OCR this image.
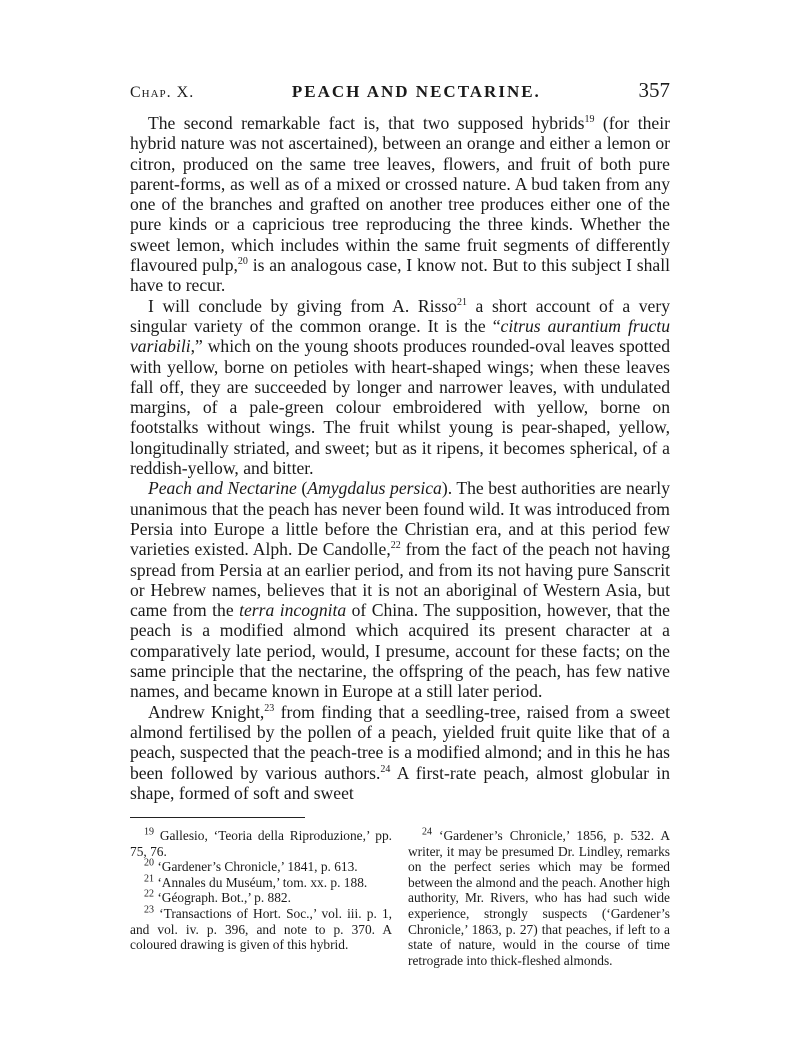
Chap. X.	PEACH AND NECTARINE.	357

The second remarkable fact is, that two supposed hybrids$^{19}$ (for their hybrid nature was not ascertained), between an orange and either a lemon or citron, produced on the same tree leaves, flowers, and fruit of both pure parent-forms, as well as of a mixed or crossed nature. A bud taken from any one of the branches and grafted on another tree produces either one of the pure kinds or a capricious tree reproducing the three kinds. Whether the sweet lemon, which includes within the same fruit segments of differently flavoured pulp,$^{20}$ is an analogous case, I know not. But to this subject I shall have to recur.

I will conclude by giving from A. Risso$^{21}$ a short account of a very singular variety of the common orange. It is the “citrus aurantium fructu variabili,” which on the young shoots produces rounded-oval leaves spotted with yellow, borne on petioles with heart-shaped wings; when these leaves fall off, they are succeeded by longer and narrower leaves, with undulated margins, of a pale-green colour embroidered with yellow, borne on footstalks without wings. The fruit whilst young is pear-shaped, yellow, longitudinally striated, and sweet; but as it ripens, it becomes spherical, of a reddish-yellow, and bitter.

Peach and Nectarine (Amygdalus persica). The best authorities are nearly unanimous that the peach has never been found wild. It was introduced from Persia into Europe a little before the Christian era, and at this period few varieties existed. Alph. De Candolle,$^{22}$ from the fact of the peach not having spread from Persia at an earlier period, and from its not having pure Sanscrit or Hebrew names, believes that it is not an aboriginal of Western Asia, but came from the terra incognita of China. The supposition, however, that the peach is a modified almond which acquired its present character at a comparatively late period, would, I presume, account for these facts; on the same principle that the nectarine, the offspring of the peach, has few native names, and became known in Europe at a still later period.

Andrew Knight,$^{23}$ from finding that a seedling-tree, raised from a sweet almond fertilised by the pollen of a peach, yielded fruit quite like that of a peach, suspected that the peach-tree is a modified almond; and in this he has been followed by various authors.$^{24}$ A first-rate peach, almost globular in shape, formed of soft and sweet

$^{19}$ Gallesio, ‘Teoria della Riproduzione,’ pp. 75, 76.

$^{20}$ ‘Gardener’s Chronicle,’ 1841, p. 613.

$^{21}$ ‘Annales du Muséum,’ tom. xx. p. 188.

$^{22}$ ‘Géograph. Bot.,’ p. 882.

$^{23}$ ‘Transactions of Hort. Soc.,’ vol. iii. p. 1, and vol. iv. p. 396, and note to p. 370. A coloured drawing is given of this hybrid.

$^{24}$ ‘Gardener’s Chronicle,’ 1856, p. 532. A writer, it may be presumed Dr. Lindley, remarks on the perfect series which may be formed between the almond and the peach. Another high authority, Mr. Rivers, who has had such wide experience, strongly suspects (‘Gardener’s Chronicle,’ 1863, p. 27) that peaches, if left to a state of nature, would in the course of time retrograde into thick-fleshed almonds.
